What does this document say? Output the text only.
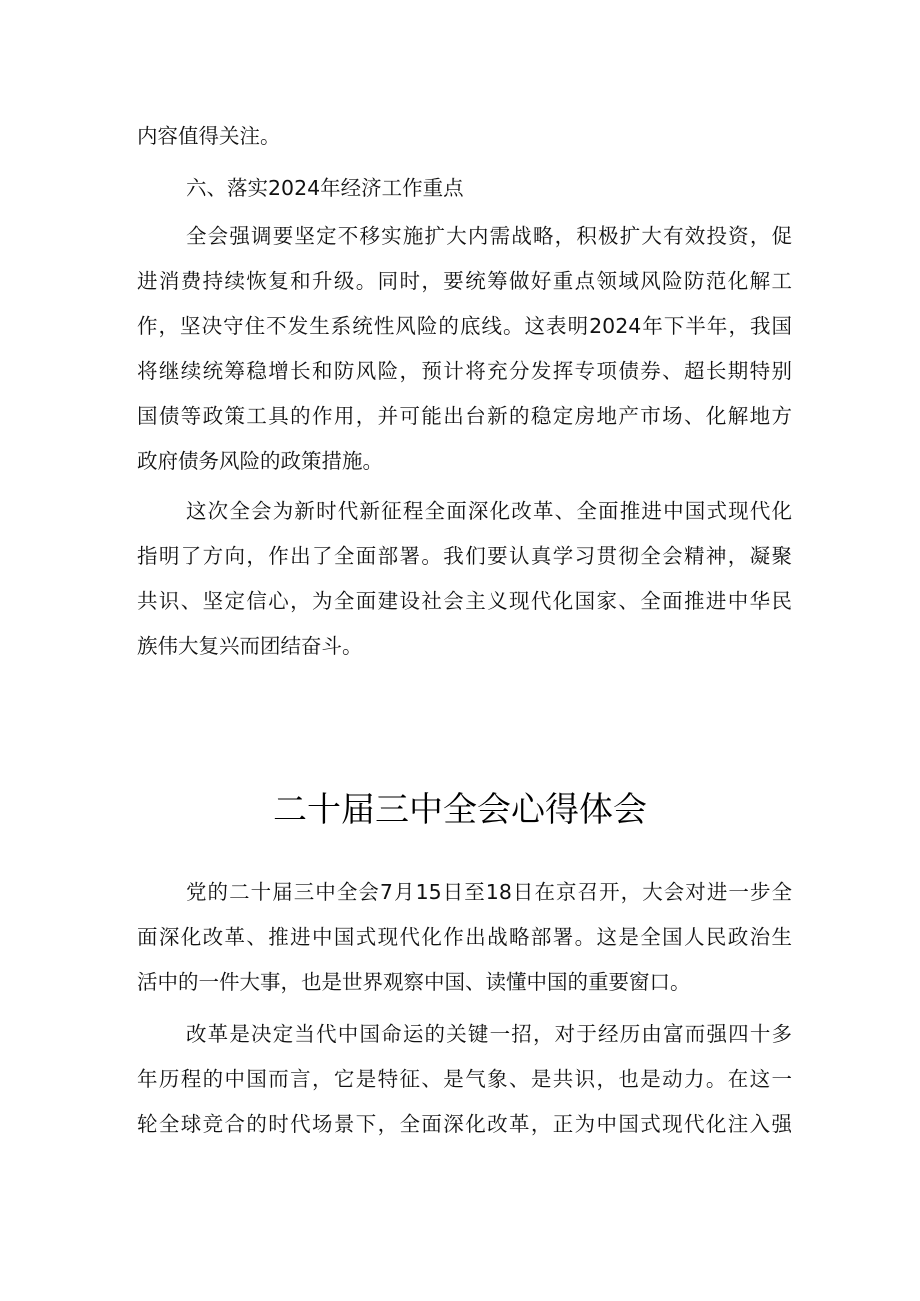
内容值得关注。
六、落实2024年经济工作重点
全会强调要坚定不移实施扩大内需战略，积极扩大有效投资，促
进消费持续恢复和升级。同时，要统筹做好重点领域风险防范化解工
作，坚决守住不发生系统性风险的底线。这表明2024年下半年，我国
将继续统筹稳增长和防风险，预计将充分发挥专项债券、超长期特别
国债等政策工具的作用，并可能出台新的稳定房地产市场、化解地方
政府债务风险的政策措施。
这次全会为新时代新征程全面深化改革、全面推进中国式现代化
指明了方向，作出了全面部署。我们要认真学习贯彻全会精神，凝聚
共识、坚定信心，为全面建设社会主义现代化国家、全面推进中华民
族伟大复兴而团结奋斗。
二十届三中全会心得体会
党的二十届三中全会7月15日至18日在京召开，大会对进一步全
面深化改革、推进中国式现代化作出战略部署。这是全国人民政治生
活中的一件大事，也是世界观察中国、读懂中国的重要窗口。
改革是决定当代中国命运的关键一招，对于经历由富而强四十多
年历程的中国而言，它是特征、是气象、是共识，也是动力。在这一
轮全球竞合的时代场景下，全面深化改革，正为中国式现代化注入强
